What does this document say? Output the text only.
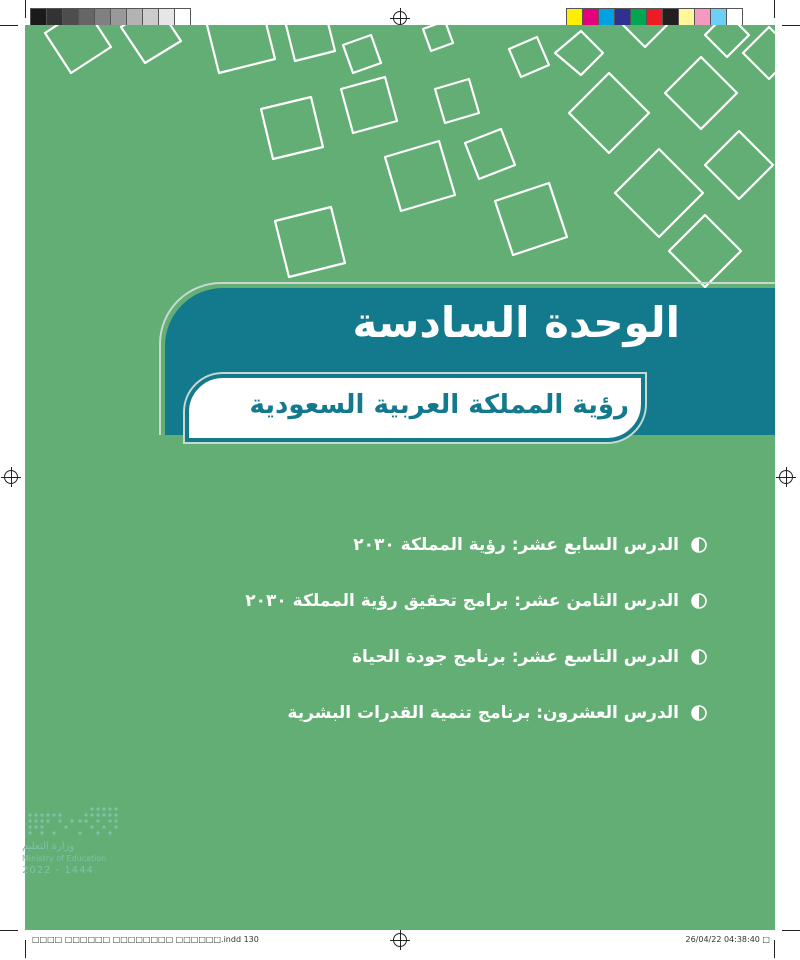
الوحدة السادسة
رؤية المملكة العربية السعودية
الدرس السابع عشر: رؤية المملكة ٢٠٣٠
الدرس الثامن عشر: برامج تحقيق رؤية المملكة ٢٠٣٠
الدرس التاسع عشر: برنامج جودة الحياة
الدرس العشرون: برنامج تنمية القدرات البشرية
وزارة التعليم
Ministry of Education
2022 - 1444
□□□□ □□□□□□ □□□□□□□□ □□□□□□.indd 130	26/04/22 04:38:40 □
